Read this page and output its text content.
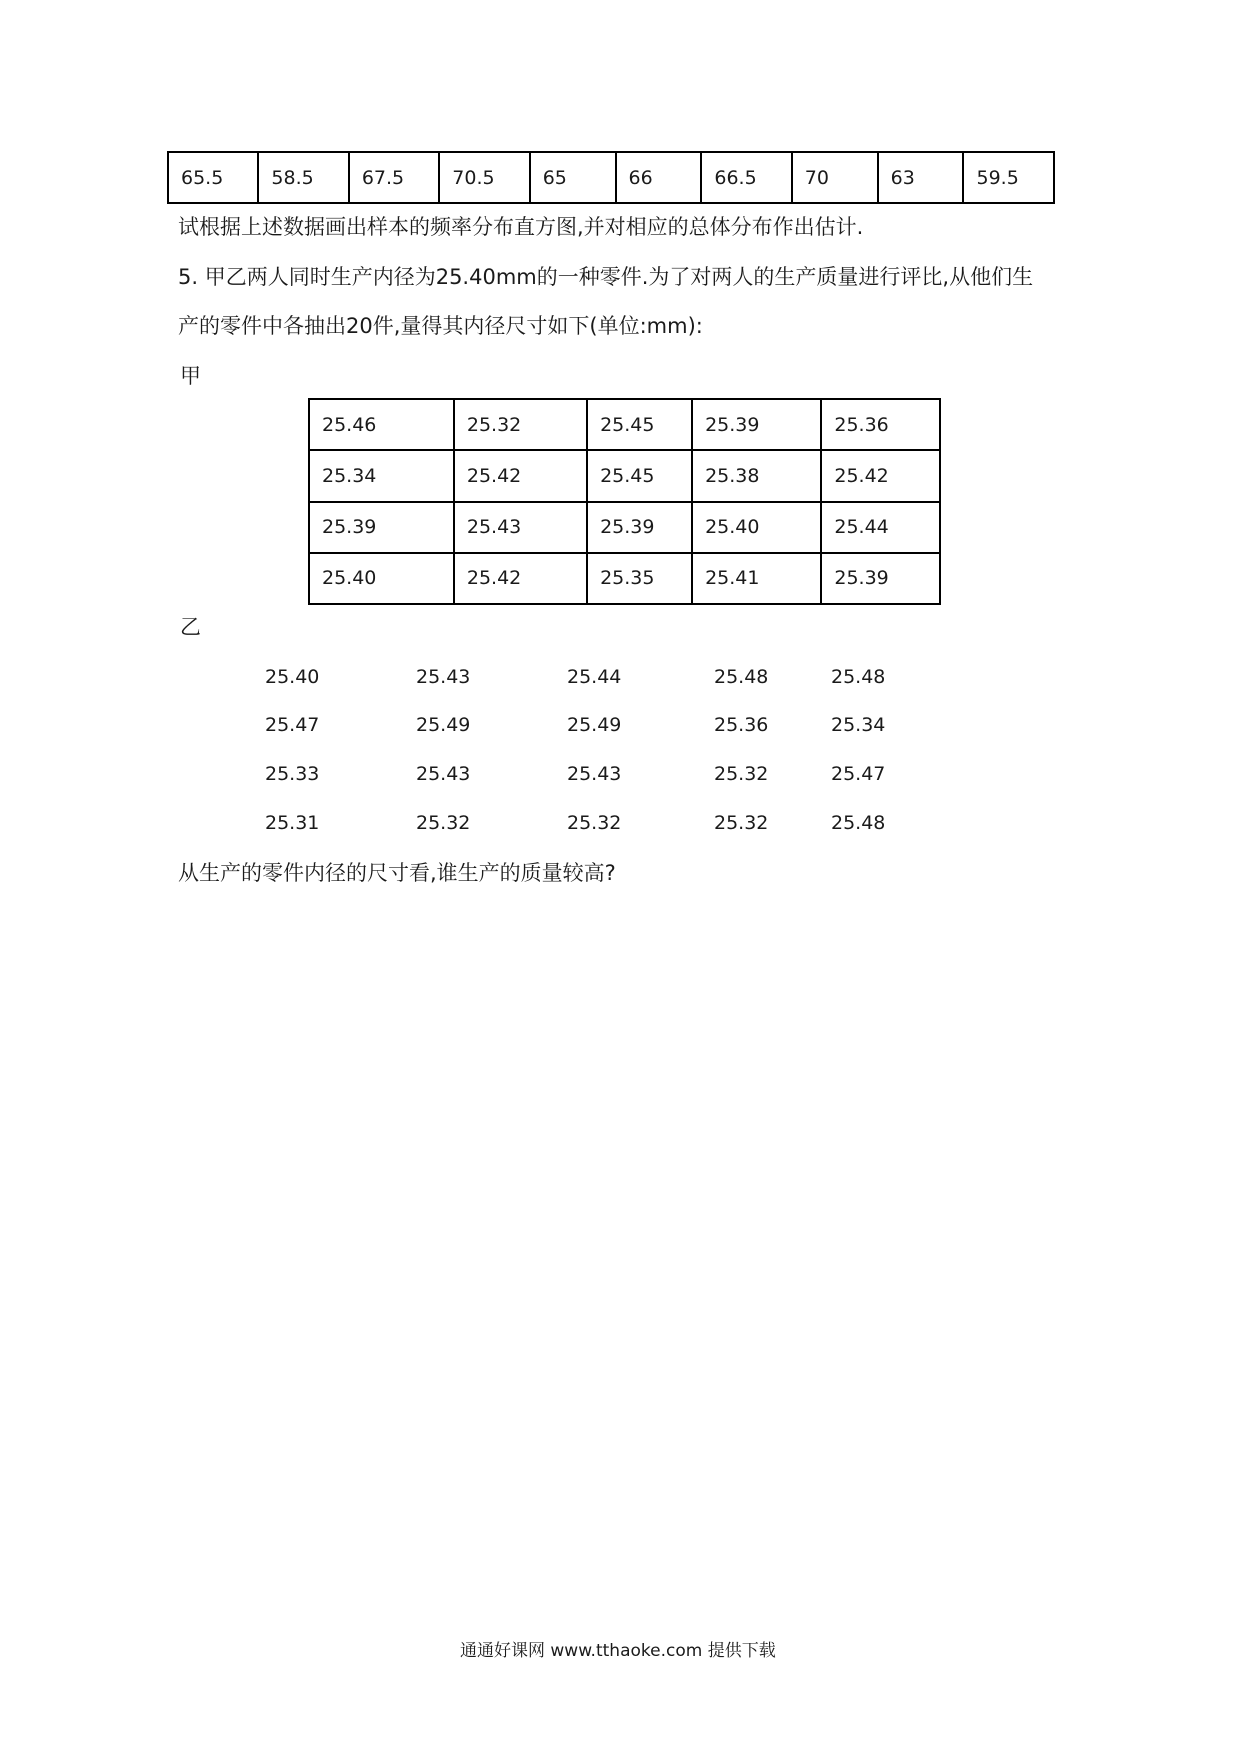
65.5	58.5	67.5	70.5	65	66	66.5	70	63	59.5
试根据上述数据画出样本的频率分布直方图,并对相应的总体分布作出估计.
5. 甲乙两人同时生产内径为25.40mm的一种零件.为了对两人的生产质量进行评比,从他们生
产的零件中各抽出20件,量得其内径尺寸如下(单位:mm):
甲
25.46	25.32	25.45	25.39	25.36
25.34	25.42	25.45	25.38	25.42
25.39	25.43	25.39	25.40	25.44
25.40	25.42	25.35	25.41	25.39
乙
25.40	25.43	25.44	25.48	25.48
25.47	25.49	25.49	25.36	25.34
25.33	25.43	25.43	25.32	25.47
25.31	25.32	25.32	25.32	25.48
从生产的零件内径的尺寸看,谁生产的质量较高?
通通好课网 www.tthaoke.com 提供下载
